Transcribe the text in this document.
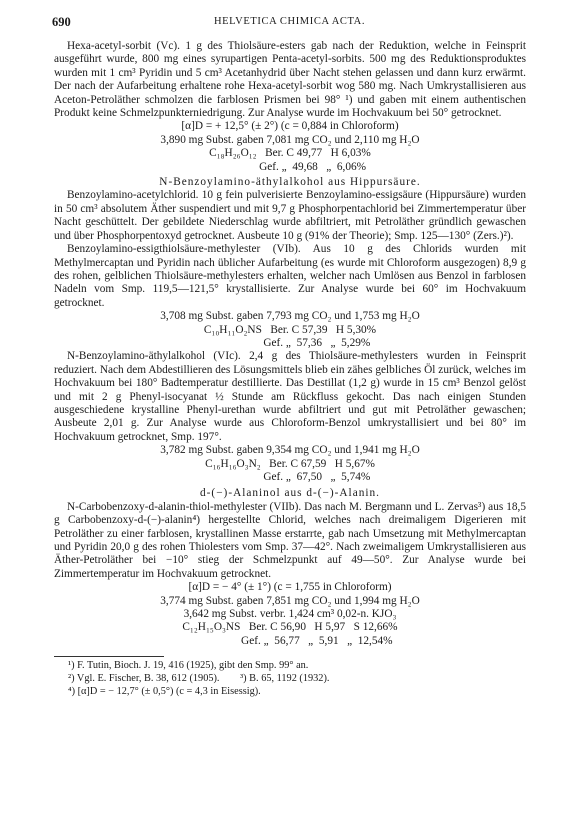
690	HELVETICA CHIMICA ACTA.

Hexa-acetyl-sorbit (Vc). 1 g des Thiolsäure-esters gab nach der Reduktion, welche in Feinsprit ausgeführt wurde, 800 mg eines syrupartigen Penta-acetyl-sorbits. 500 mg des Reduktionsproduktes wurden mit 1 cm³ Pyridin und 5 cm³ Acetanhydrid über Nacht stehen gelassen und dann kurz erwärmt. Der nach der Aufarbeitung erhaltene rohe Hexa-acetyl-sorbit wog 580 mg. Nach Umkrystallisieren aus Aceton-Petroläther schmolzen die farblosen Prismen bei 98° ¹) und gaben mit einem authentischen Produkt keine Schmelzpunkterniedrigung. Zur Analyse wurde im Hochvakuum bei 50° getrocknet.

[α]D = + 12,5° (± 2°) (c = 0,884 in Chloroform)
3,890 mg Subst. gaben 7,081 mg CO₂ und 2,110 mg H₂O
C₁₈H₂₆O₁₂   Ber. C 49,77   H 6,03%
Gef. „  49,68   „  6,06%

N-Benzoylamino-äthylalkohol aus Hippursäure.

Benzoylamino-acetylchlorid. 10 g fein pulverisierte Benzoylamino-essigsäure (Hippursäure) wurden in 50 cm³ absolutem Äther suspendiert und mit 9,7 g Phosphorpentachlorid bei Zimmertemperatur über Nacht geschüttelt. Der gebildete Niederschlag wurde abfiltriert, mit Petroläther gründlich gewaschen und über Phosphorpentoxyd getrocknet. Ausbeute 10 g (91% der Theorie); Smp. 125—130° (Zers.)²).

Benzoylamino-essigthiolsäure-methylester (VIb). Aus 10 g des Chlorids wurden mit Methylmercaptan und Pyridin nach üblicher Aufarbeitung (es wurde mit Chloroform ausgezogen) 8,9 g des rohen, gelblichen Thiolsäure-methylesters erhalten, welcher nach Umlösen aus Benzol in farblosen Nadeln vom Smp. 119,5—121,5° krystallisierte. Zur Analyse wurde bei 60° im Hochvakuum getrocknet.

3,708 mg Subst. gaben 7,793 mg CO₂ und 1,753 mg H₂O
C₁₀H₁₁O₂NS   Ber. C 57,39   H 5,30%
Gef. „  57,36   „  5,29%

N-Benzoylamino-äthylalkohol (VIc). 2,4 g des Thiolsäure-methylesters wurden in Feinsprit reduziert. Nach dem Abdestillieren des Lösungsmittels blieb ein zähes gelbliches Öl zurück, welches im Hochvakuum bei 180° Badtemperatur destillierte. Das Destillat (1,2 g) wurde in 15 cm³ Benzol gelöst und mit 2 g Phenyl-isocyanat ½ Stunde am Rückfluss gekocht. Das nach einigen Stunden ausgeschiedene krystalline Phenyl-urethan wurde abfiltriert und gut mit Petroläther gewaschen; Ausbeute 2,01 g. Zur Analyse wurde aus Chloroform-Benzol umkrystallisiert und bei 80° im Hochvakuum getrocknet, Smp. 197°.

3,782 mg Subst. gaben 9,354 mg CO₂ und 1,941 mg H₂O
C₁₆H₁₆O₃N₂   Ber. C 67,59   H 5,67%
Gef. „  67,50   „  5,74%

d-(−)-Alaninol aus d-(−)-Alanin.

N-Carbobenzoxy-d-alanin-thiol-methylester (VIIb). Das nach M. Bergmann und L. Zervas³) aus 18,5 g Carbobenzoxy-d-(−)-alanin⁴) hergestellte Chlorid, welches nach dreimaligem Digerieren mit Petroläther zu einer farblosen, krystallinen Masse erstarrte, gab nach Umsetzung mit Methylmercaptan und Pyridin 20,0 g des rohen Thiolesters vom Smp. 37—42°. Nach zweimaligem Umkrystallisieren aus Äther-Petroläther bei −10° stieg der Schmelzpunkt auf 49—50°. Zur Analyse wurde bei Zimmertemperatur im Hochvakuum getrocknet.

[α]D = − 4° (± 1°) (c = 1,755 in Chloroform)
3,774 mg Subst. gaben 7,851 mg CO₂ und 1,994 mg H₂O
3,642 mg Subst. verbr. 1,424 cm³ 0,02-n. KJO₃
C₁₂H₁₅O₃NS   Ber. C 56,90   H 5,97   S 12,66%
Gef. „  56,77   „  5,91   „  12,54%
¹) F. Tutin, Bioch. J. 19, 416 (1925), gibt den Smp. 99° an.
²) Vgl. E. Fischer, B. 38, 612 (1905).        ³) B. 65, 1192 (1932).
⁴) [α]D = − 12,7° (± 0,5°) (c = 4,3 in Eisessig).
